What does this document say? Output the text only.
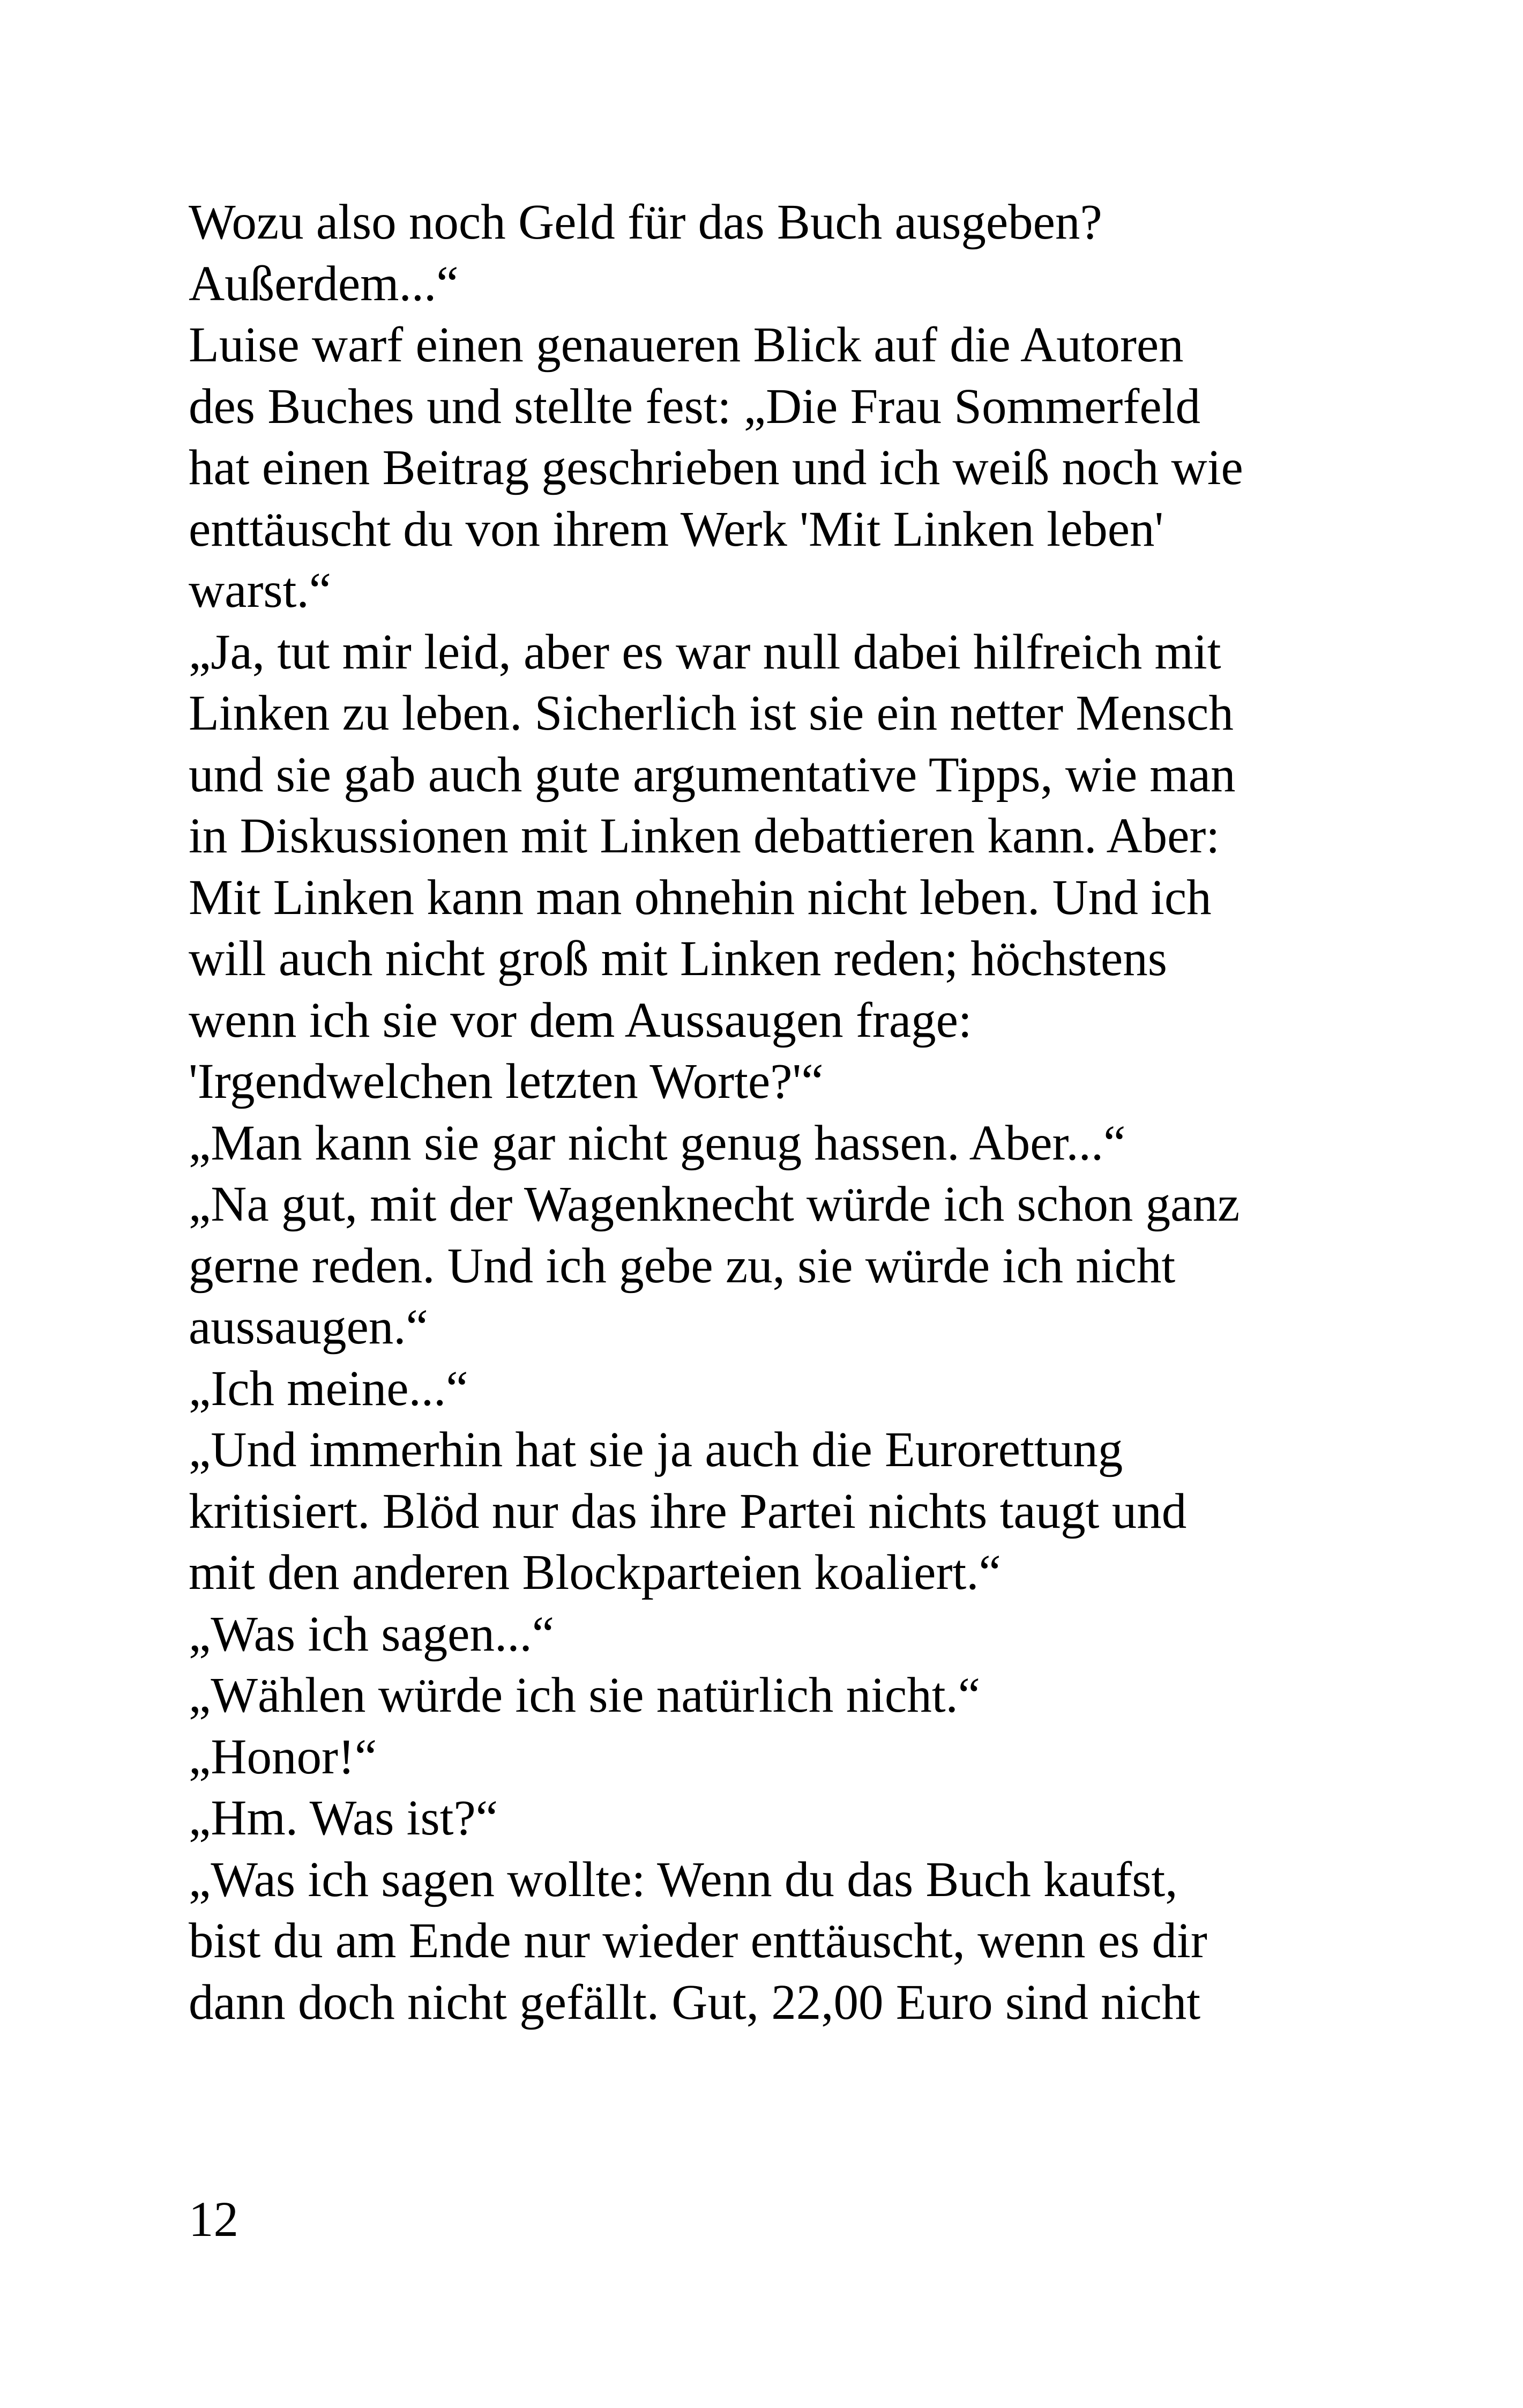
Wozu also noch Geld für das Buch ausgeben?
Außerdem...“
Luise warf einen genaueren Blick auf die Autoren
des Buches und stellte fest: „Die Frau Sommerfeld
hat einen Beitrag geschrieben und ich weiß noch wie
enttäuscht du von ihrem Werk 'Mit Linken leben'
warst.“
„Ja, tut mir leid, aber es war null dabei hilfreich mit
Linken zu leben. Sicherlich ist sie ein netter Mensch
und sie gab auch gute argumentative Tipps, wie man
in Diskussionen mit Linken debattieren kann. Aber:
Mit Linken kann man ohnehin nicht leben. Und ich
will auch nicht groß mit Linken reden; höchstens
wenn ich sie vor dem Aussaugen frage:
'Irgendwelchen letzten Worte?'“
„Man kann sie gar nicht genug hassen. Aber...“
„Na gut, mit der Wagenknecht würde ich schon ganz
gerne reden. Und ich gebe zu, sie würde ich nicht
aussaugen.“
„Ich meine...“
„Und immerhin hat sie ja auch die Eurorettung
kritisiert. Blöd nur das ihre Partei nichts taugt und
mit den anderen Blockparteien koaliert.“
„Was ich sagen...“
„Wählen würde ich sie natürlich nicht.“
„Honor!“
„Hm. Was ist?“
„Was ich sagen wollte: Wenn du das Buch kaufst,
bist du am Ende nur wieder enttäuscht, wenn es dir
dann doch nicht gefällt. Gut, 22,00 Euro sind nicht
12
